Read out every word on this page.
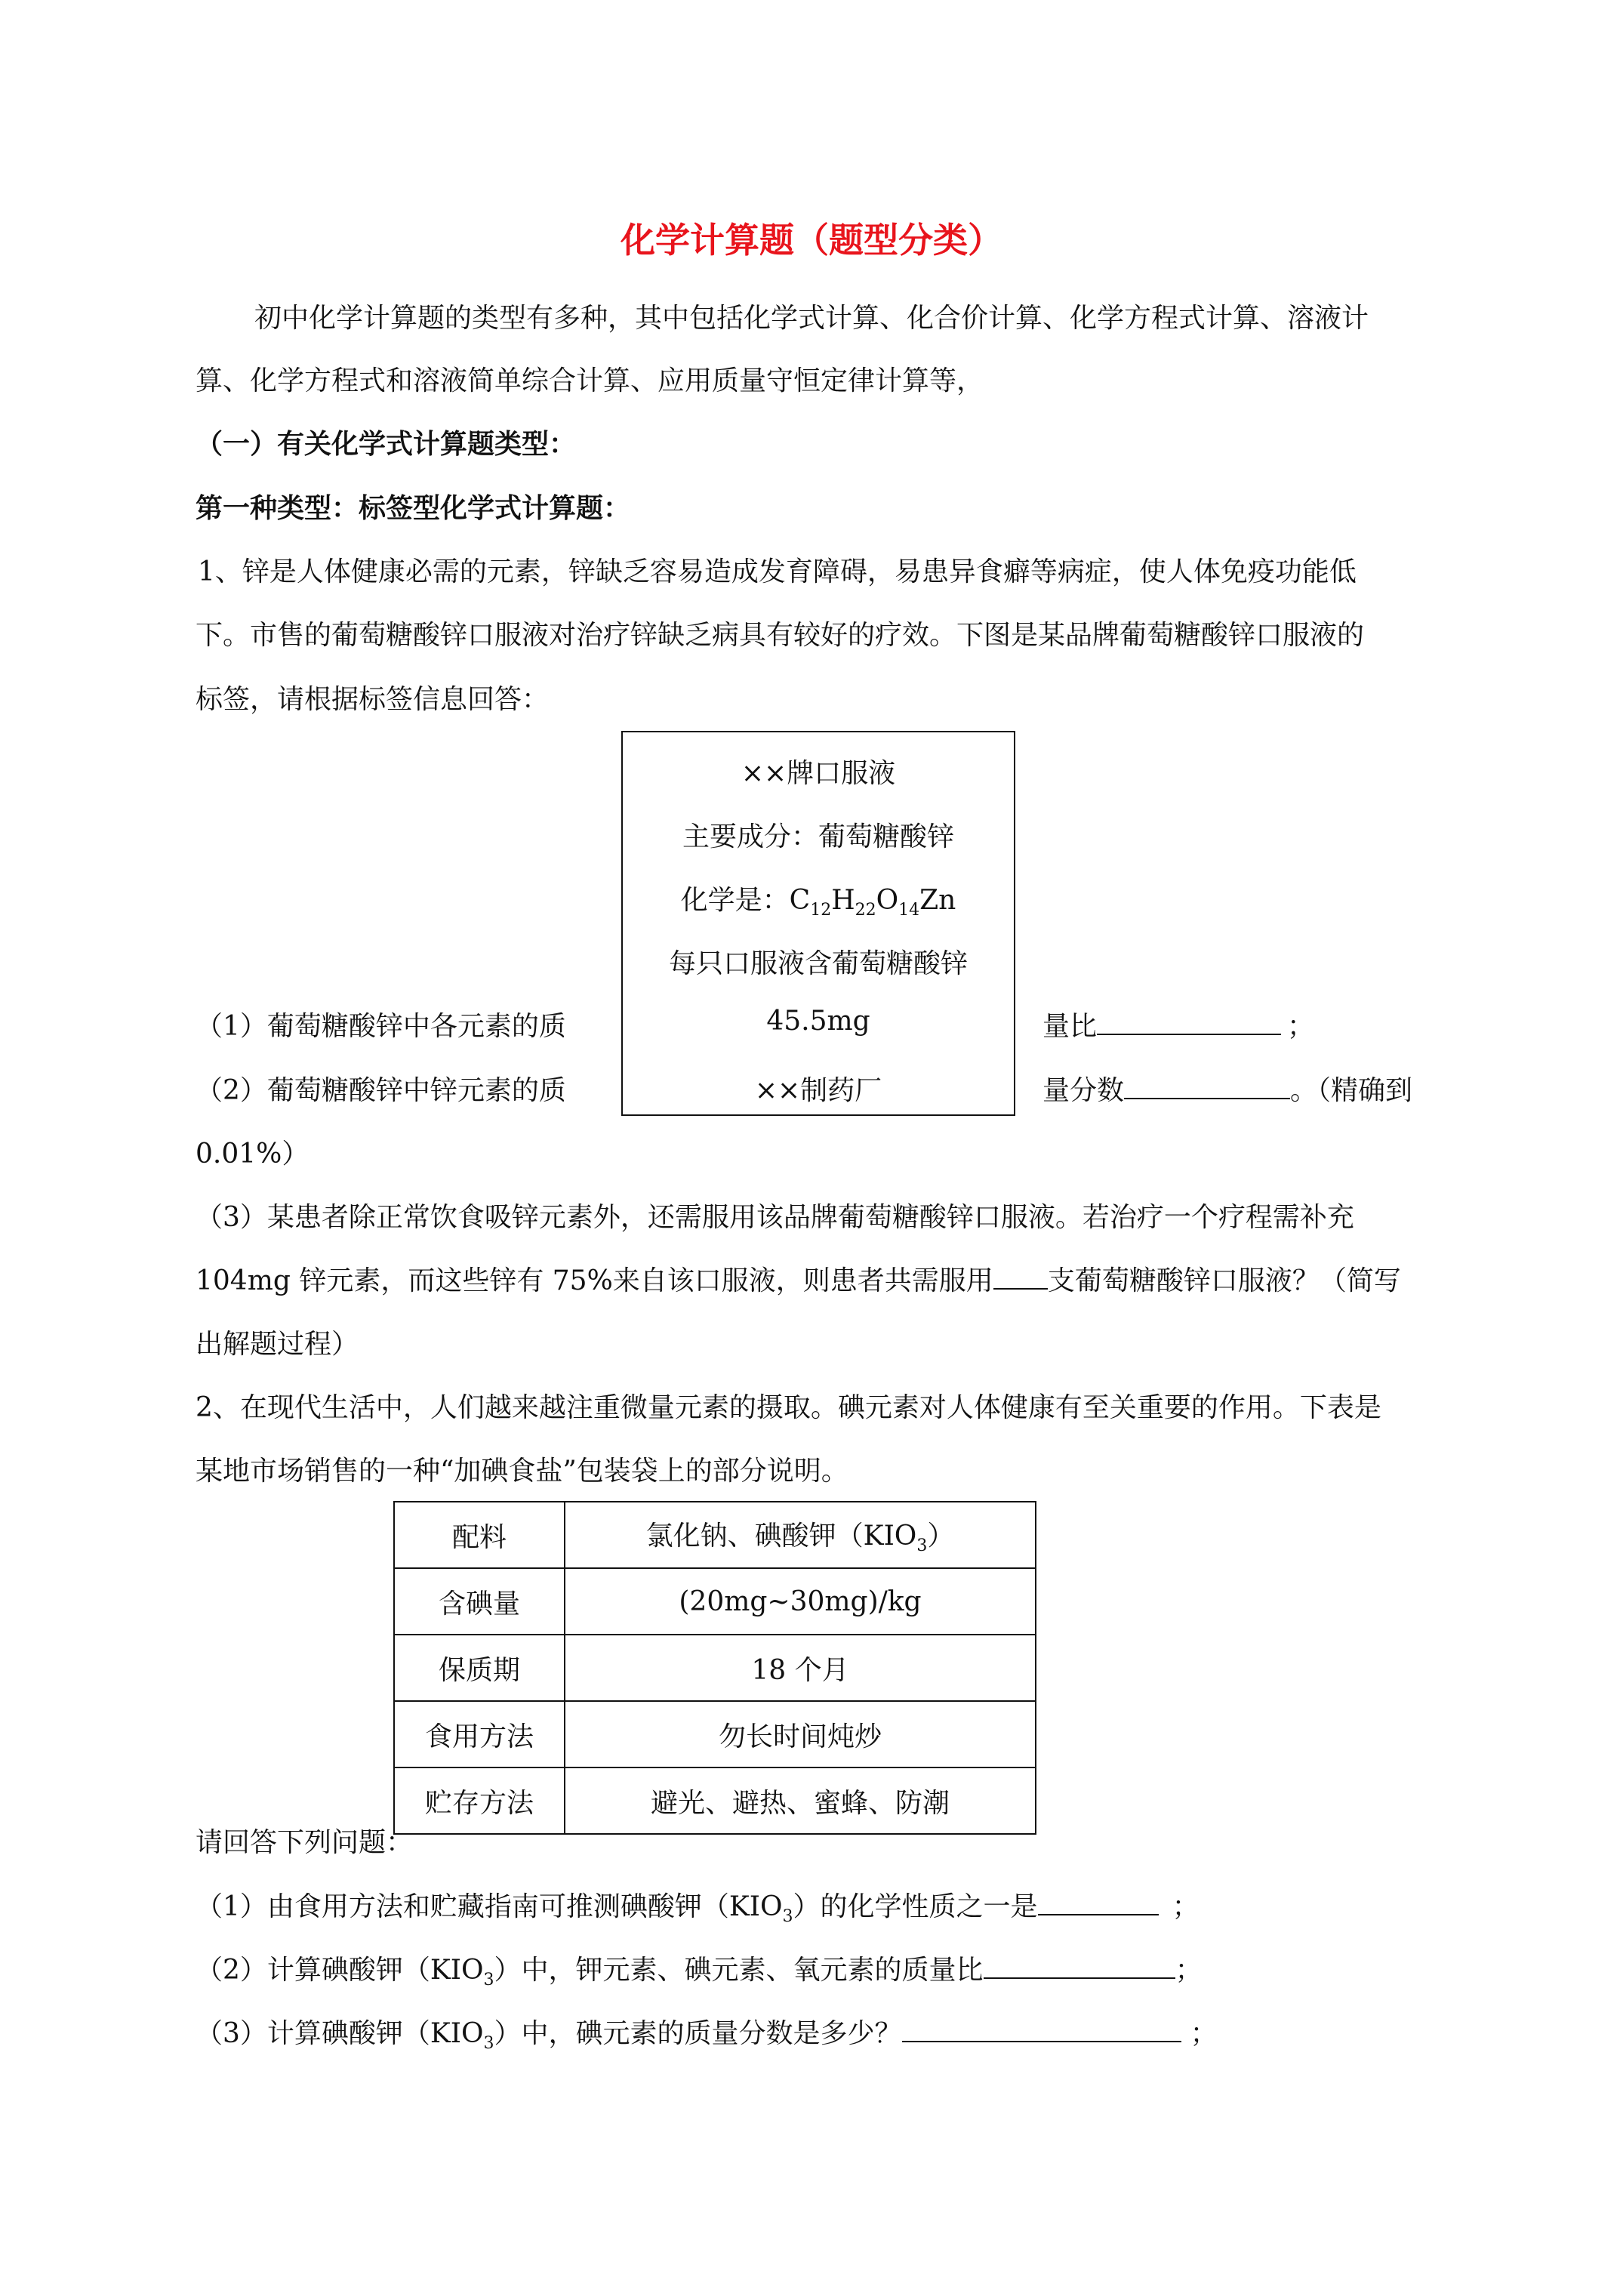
化学计算题（题型分类）
初中化学计算题的类型有多种，其中包括化学式计算、化合价计算、化学方程式计算、溶液计
算、化学方程式和溶液简单综合计算、应用质量守恒定律计算等，
（一）有关化学式计算题类型：
第一种类型：标签型化学式计算题：
1、锌是人体健康必需的元素，锌缺乏容易造成发育障碍，易患异食癖等病症，使人体免疫功能低
下。市售的葡萄糖酸锌口服液对治疗锌缺乏病具有较好的疗效。下图是某品牌葡萄糖酸锌口服液的
标签，请根据标签信息回答：
××牌口服液
主要成分：葡萄糖酸锌
化学是：$C_{12}H_{22}O_{14}Zn$
每只口服液含葡萄糖酸锌
45.5mg
××制药厂
（1）葡萄糖酸锌中各元素的质	量比	；
（2）葡萄糖酸锌中锌元素的质	量分数	。（精确到
0.01%）
（3）某患者除正常饮食吸锌元素外，还需服用该品牌葡萄糖酸锌口服液。若治疗一个疗程需补充
104mg 锌元素，而这些锌有 75%来自该口服液，则患者共需服用 支葡萄糖酸锌口服液？（简写
出解题过程）
2、在现代生活中，人们越来越注重微量元素的摄取。碘元素对人体健康有至关重要的作用。下表是
某地市场销售的一种“加碘食盐”包装袋上的部分说明。
配料	氯化钠、碘酸钾$(KIO_3)$
含碘量	(20mg~30mg)/kg
保质期	18 个月
食用方法	勿长时间炖炒
贮存方法	避光、避热、蜜蜂、防潮
请回答下列问题：
（1）由食用方法和贮藏指南可推测碘酸钾$(KIO_3)$的化学性质之一是	；
（2）计算碘酸钾$(KIO_3)$中，钾元素、碘元素、氧元素的质量比	；
（3）计算碘酸钾$(KIO_3)$中，碘元素的质量分数是多少？	；
